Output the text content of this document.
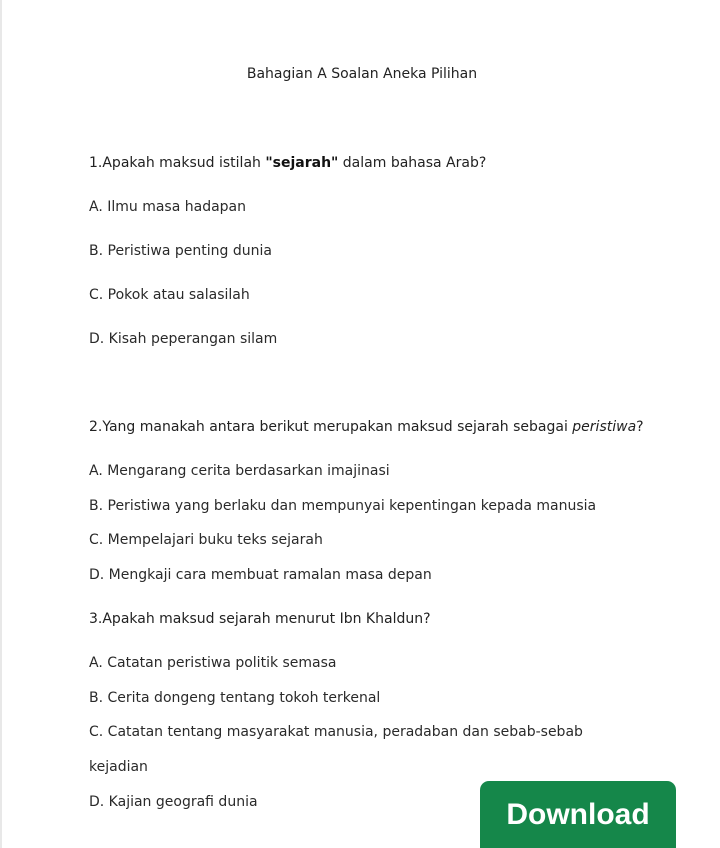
Bahagian A Soalan Aneka Pilihan
1.Apakah maksud istilah "sejarah" dalam bahasa Arab?
A. Ilmu masa hadapan
B. Peristiwa penting dunia
C. Pokok atau salasilah
D. Kisah peperangan silam
2.Yang manakah antara berikut merupakan maksud sejarah sebagai peristiwa?
A. Mengarang cerita berdasarkan imajinasi
B. Peristiwa yang berlaku dan mempunyai kepentingan kepada manusia
C. Mempelajari buku teks sejarah
D. Mengkaji cara membuat ramalan masa depan
3.Apakah maksud sejarah menurut Ibn Khaldun?
A. Catatan peristiwa politik semasa
B. Cerita dongeng tentang tokoh terkenal
C. Catatan tentang masyarakat manusia, peradaban dan sebab-sebab
kejadian
D. Kajian geografi dunia	Download
